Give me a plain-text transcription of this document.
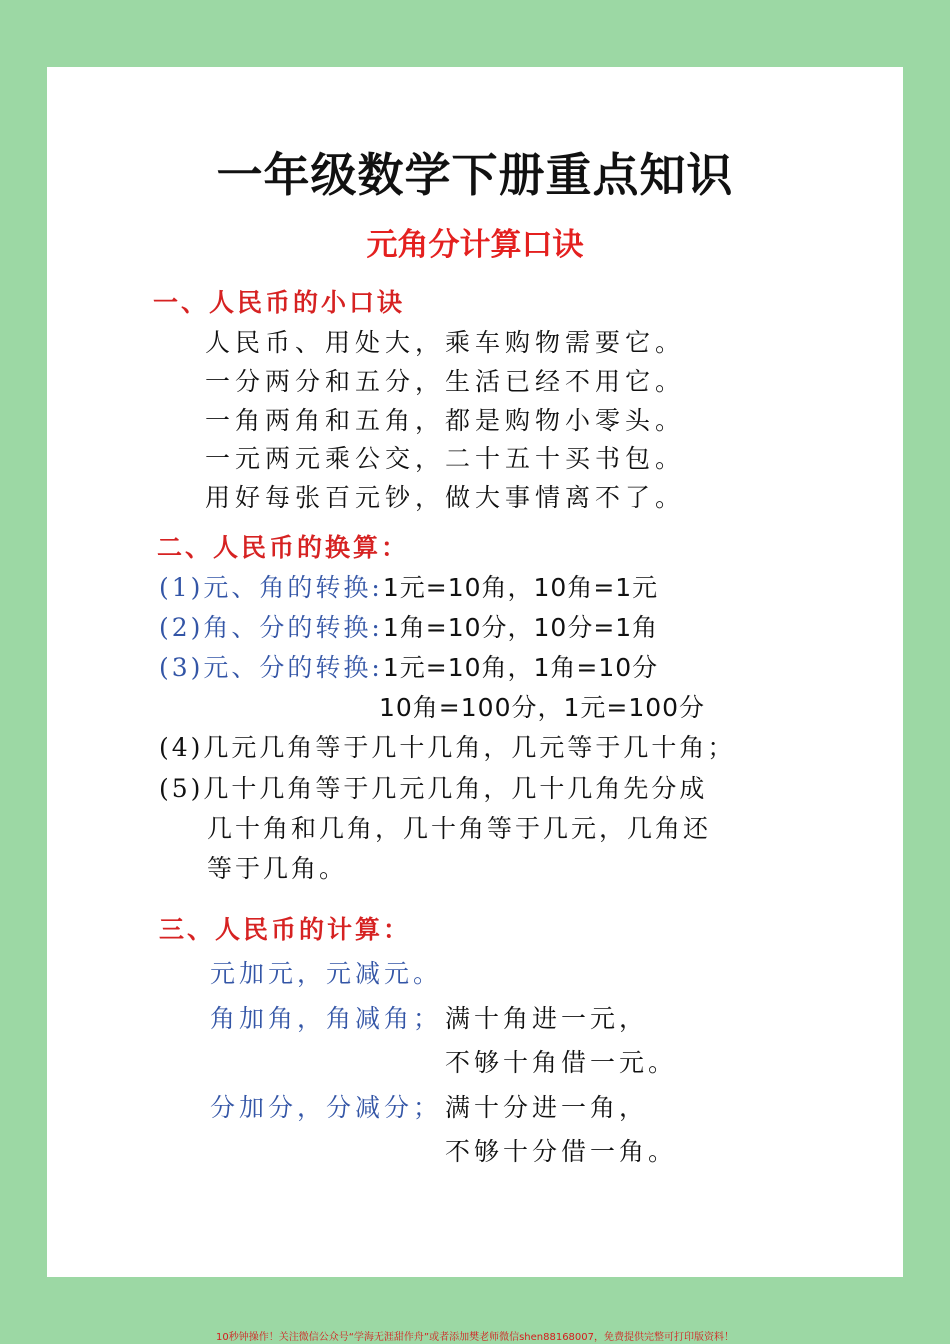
一年级数学下册重点知识
元角分计算口诀
一、人民币的小口诀
人民币、用处大，乘车购物需要它。
一分两分和五分，生活已经不用它。
一角两角和五角，都是购物小零头。
一元两元乘公交，二十五十买书包。
用好每张百元钞，做大事情离不了。
二、人民币的换算：
(1)元、角的转换:1元=10角，10角=1元
(2)角、分的转换:1角=10分，10分=1角
(3)元、分的转换:1元=10角，1角=10分
10角=100分，1元=100分
(4)几元几角等于几十几角，几元等于几十角；
(5)几十几角等于几元几角，几十几角先分成
几十角和几角，几十角等于几元，几角还
等于几角。
三、人民币的计算：
元加元，元减元。
角加角，角减角； 满十角进一元，
不够十角借一元。
分加分，分减分； 满十分进一角，
不够十分借一角。
10秒钟操作！关注微信公众号“学海无涯甜作舟”或者添加樊老师微信shen88168007，免费提供完整可打印版资料！
